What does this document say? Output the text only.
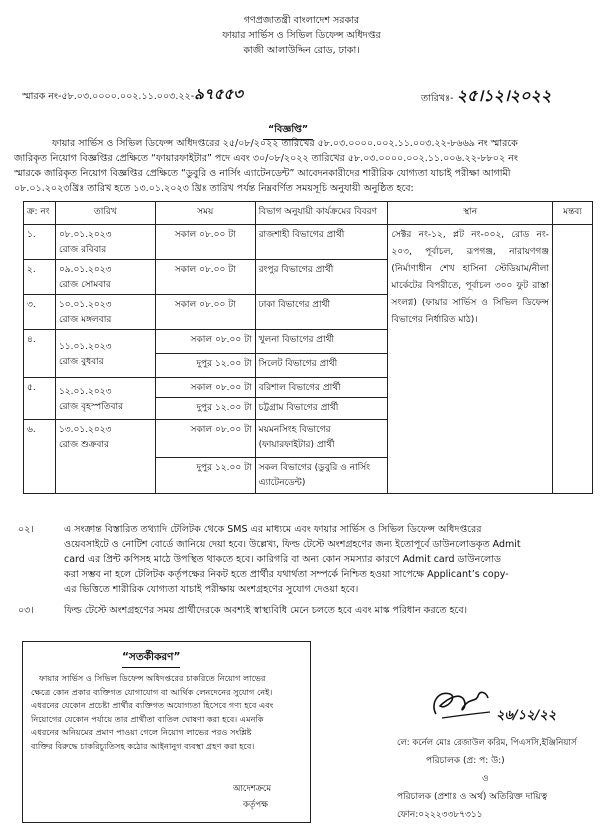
গণপ্রজাতন্ত্রী বাংলাদেশ সরকার
ফায়ার সার্ভিস ও সিভিল ডিফেন্স অধিদপ্তর
কাজী আলাউদ্দিন রোড, ঢাকা।
স্মারক নং-৫৮.০৩.০০০০.০০২.১১.০০৩.২২-৯৭৫৫৩	তারিখঃ- ২৫।১২।২০২২
“বিজ্ঞপ্তি”
ফায়ার সার্ভিস ও সিভিল ডিফেন্স অধিদপ্তরের ২৫/০৮/২০২২ তারিখের ৫৮.০৩.০০০০.০০২.১১.০০৩.২২-৮৬৬৯ নং স্মারকে
জারিকৃত নিয়োগ বিজ্ঞপ্তির প্রেক্ষিতে “ফায়ারফাইটার” পদে এবং ৩০/০৮/২০২২ তারিখের ৫৮.০৩.০০০০.০০২.১১.০০৬.২২-৮৮০২ নং
স্মারকে জারিকৃত নিয়োগ বিজ্ঞপ্তির প্রেক্ষিতে “ডুবুরি ও নার্সিং এ্যাটেনডেন্ট” আবেদনকারীদের শারীরিক যোগ্যতা যাচাই পরীক্ষা আগামী
০৮.০১.২০২৩খ্রিঃ তারিখ হতে ১৩.০১.২০২৩ খ্রিঃ তারিখ পর্যন্ত নিম্নবর্ণিত সময়সূচি অনুযায়ী অনুষ্ঠিত হবে:
ক্র: নং	তারিখ	সময়	বিভাগ অনুযায়ী কার্যক্রমের বিবরণ	স্থান	মন্তব্য
১.	০৮.০১.২০২৩
রোজ রবিবার	সকাল ০৮.০০ টা	রাজশাহী বিভাগের প্রার্থী	সেক্টর নং-১২, প্লট নং-০০২, রোড নং- ২০৩, পূর্বাচল, রূপগঞ্জ, নারায়ণগঞ্জ (নির্মাণাধীন শেখ হাসিনা স্টেডিয়াম/নীলা মার্কেটের বিপরীতে, পূর্বাচল ৩০০ ফুট রাস্তা সংলগ্ন) (ফায়ার সার্ভিস ও সিভিল ডিফেন্স বিভাগের নির্ধারিত মাঠ)।	
২.	০৯.০১.২০২৩
রোজ সোমবার	সকাল ০৮.০০ টা	রংপুর বিভাগের প্রার্থী		
৩.	১০.০১.২০২৩
রোজ মঙ্গলবার	সকাল ০৮.০০ টা	ঢাকা বিভাগের প্রার্থী		
৪.	১১.০১.২০২৩
রোজ বুধবার	সকাল ০৮.০০ টা	খুলনা বিভাগের প্রার্থী		
		দুপুর ১২.০০ টা	সিলেট বিভাগের প্রার্থী		
৫.	১২.০১.২০২৩
রোজ বৃহস্পতিবার	সকাল ০৮.০০ টা	বরিশাল বিভাগের প্রার্থী		
		দুপুর ১২.০০ টা	চট্টগ্রাম বিভাগের প্রার্থী		
৬.	১৩.০১.২০২৩
রোজ শুক্রবার	সকাল ০৮.০০ টা	ময়মনসিংহ বিভাগের (ফায়ারফাইটার) প্রার্থী		
		দুপুর ১২.০০ টা	সকল বিভাগের (ডুবুরি ও নার্সিং এ্যাটেনডেন্ট)		
০২।	এ সংক্রান্ত বিস্তারিত তথ্যাদি টেলিটক থেকে SMS এর মাধ্যমে এবং ফায়ার সার্ভিস ও সিভিল ডিফেন্স অধিদপ্তরের
ওয়েবসাইটে ও নোটিশ বোর্ডে জানিয়ে দেয়া হবে। উল্লেখ্য, ফিল্ড টেস্টে অংশগ্রহণের জন্য ইতোপূর্বে ডাউনলোডকৃত Admit
card এর প্রিন্ট কপিসহ মাঠে উপস্থিত থাকতে হবে। কারিগরি বা অন্য কোন সমস্যার কারণে Admit card ডাউনলোড
করা সম্ভব না হলে টেলিটক কর্তৃপক্ষের নিকট হতে প্রার্থীর যথার্থতা সম্পর্কে নিশ্চিত হওয়া সাপেক্ষে Applicant’s copy-
এর ভিত্তিতে শারীরিক যোগ্যতা যাচাই পরীক্ষায় অংশগ্রহণের সুযোগ দেওয়া হবে।
০৩।	ফিল্ড টেস্টে অংশগ্রহণের সময় প্রার্থীদেরকে অবশ্যই স্বাস্থ্যবিধি মেনে চলতে হবে এবং মাস্ক পরিধান করতে হবে।
“সতর্কীকরণ”
ফায়ার সার্ভিস ও সিভিল ডিফেন্স অধিদপ্তরের চাকরিতে নিয়োগ লাভের
ক্ষেত্রে কোন প্রকার ব্যক্তিগত যোগাযোগ বা আর্থিক লেনদেনের সুযোগ নেই।
এধরনের যেকোন প্রচেষ্টা প্রার্থীর ব্যক্তিগত অযোগ্যতা হিসেবে গণ্য হবে এবং
নিয়োগের যেকোন পর্যায়ে তার প্রার্থীতা বাতিল ঘোষণা করা হবে। এমনকি
এধরনের অনিয়মের প্রমাণ পাওয়া গেলে নিয়োগ লাভের পরও সংশ্লিষ্ট
ব্যক্তির বিরুদ্ধে চাকরিচ্যুতিসহ কঠোর আইনানুগ ব্যবস্থা গ্রহণ করা হবে।
আদেশক্রমে
কর্তৃপক্ষ
২৬/১২/২২
লে: কর্নেল মোঃ রেজাউল করিম, পিএসসি,ইঞ্জিনিয়ার্স
পরিচালক (প্র: প: উ:)
ও
পরিচালক (প্রশাঃ ও অর্থ) অতিরিক্ত দায়িত্ব
ফোন:০২২২৩৩৮৭৩১১
